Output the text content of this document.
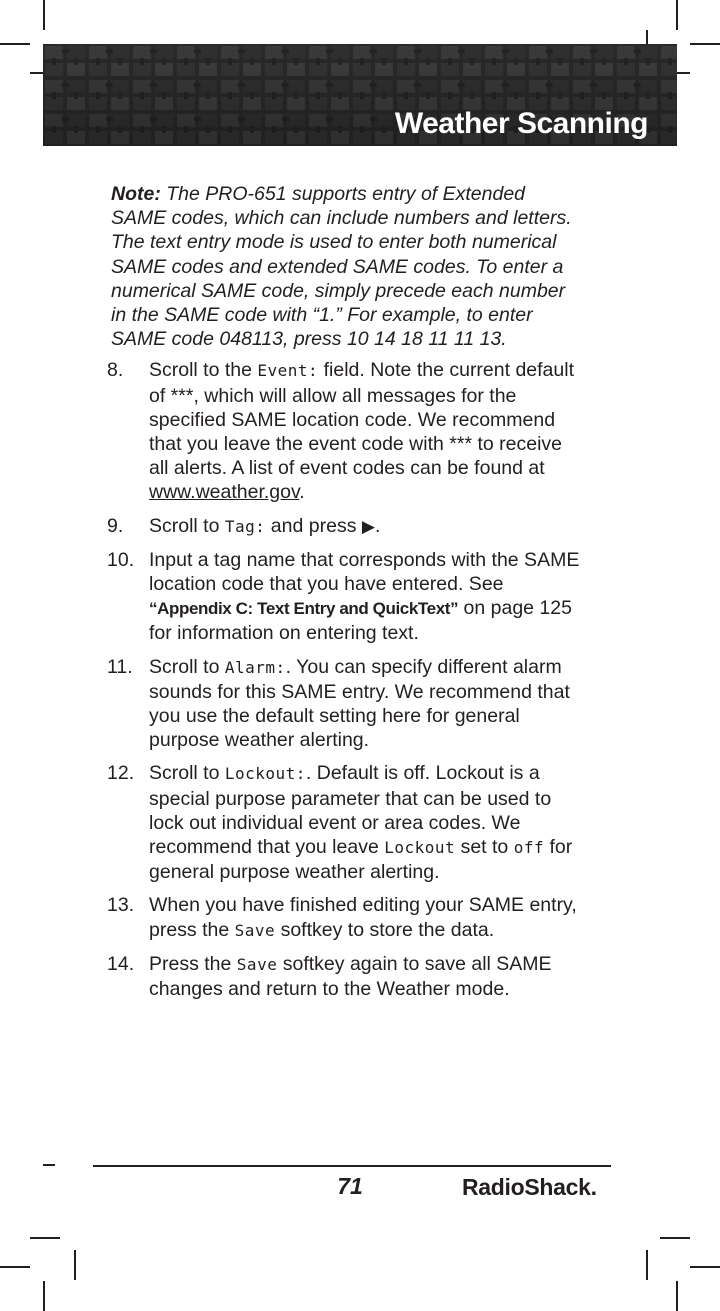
Weather Scanning

Note: The PRO-651 supports entry of Extended SAME codes, which can include numbers and letters. The text entry mode is used to enter both numerical SAME codes and extended SAME codes. To enter a numerical SAME code, simply precede each number in the SAME code with “1.” For example, to enter SAME code 048113, press 10 14 18 11 11 13.

8. Scroll to the Event: field. Note the current default of ***, which will allow all messages for the specified SAME location code. We recommend that you leave the event code with *** to receive all alerts. A list of event codes can be found at www.weather.gov.
9. Scroll to Tag: and press ▶.
10. Input a tag name that corresponds with the SAME location code that you have entered. See “Appendix C: Text Entry and QuickText” on page 125 for information on entering text.
11. Scroll to Alarm:. You can specify different alarm sounds for this SAME entry. We recommend that you use the default setting here for general purpose weather alerting.
12. Scroll to Lockout:. Default is off. Lockout is a special purpose parameter that can be used to lock out individual event or area codes. We recommend that you leave Lockout set to off for general purpose weather alerting.
13. When you have finished editing your SAME entry, press the Save softkey to store the data.
14. Press the Save softkey again to save all SAME changes and return to the Weather mode.
71	RadioShack.
